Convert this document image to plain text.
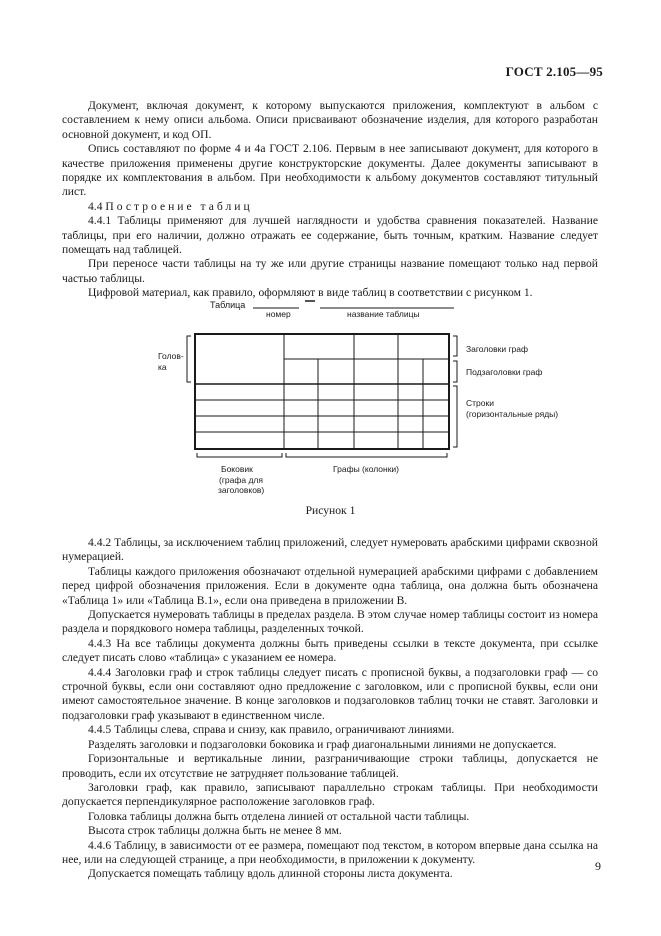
ГОСТ 2.105—95

Документ, включая документ, к которому выпускаются приложения, комплектуют в альбом с составлением к нему описи альбома. Описи присваивают обозначение изделия, для которого разработан основной документ, и код ОП.

Опись составляют по форме 4 и 4а ГОСТ 2.106. Первым в нее записывают документ, для которого в качестве приложения применены другие конструкторские документы. Далее документы записывают в порядке их комплектования в альбом. При необходимости к альбому документов составляют титульный лист.

4.4 Построение таблиц

4.4.1 Таблицы применяют для лучшей наглядности и удобства сравнения показателей. Название таблицы, при его наличии, должно отражать ее содержание, быть точным, кратким. Название следует помещать над таблицей.

При переносе части таблицы на ту же или другие страницы название помещают только над первой частью таблицы.

Цифровой материал, как правило, оформляют в виде таблиц в соответствии с рисунком 1.

Таблица
номер	название таблицы
Голов-
ка
Заголовки граф
Подзаголовки граф
Строки
(горизонтальные ряды)
Боковик
(графа для
заголовков)
Графы (колонки)
Рисунок 1

4.4.2 Таблицы, за исключением таблиц приложений, следует нумеровать арабскими цифрами сквозной нумерацией.

Таблицы каждого приложения обозначают отдельной нумерацией арабскими цифрами с добавлением перед цифрой обозначения приложения. Если в документе одна таблица, она должна быть обозначена «Таблица 1» или «Таблица В.1», если она приведена в приложении В.

Допускается нумеровать таблицы в пределах раздела. В этом случае номер таблицы состоит из номера раздела и порядкового номера таблицы, разделенных точкой.

4.4.3 На все таблицы документа должны быть приведены ссылки в тексте документа, при ссылке следует писать слово «таблица» с указанием ее номера.

4.4.4 Заголовки граф и строк таблицы следует писать с прописной буквы, а подзаголовки граф — со строчной буквы, если они составляют одно предложение с заголовком, или с прописной буквы, если они имеют самостоятельное значение. В конце заголовков и подзаголовков таблиц точки не ставят. Заголовки и подзаголовки граф указывают в единственном числе.

4.4.5 Таблицы слева, справа и снизу, как правило, ограничивают линиями.

Разделять заголовки и подзаголовки боковика и граф диагональными линиями не допускается.

Горизонтальные и вертикальные линии, разграничивающие строки таблицы, допускается не проводить, если их отсутствие не затрудняет пользование таблицей.

Заголовки граф, как правило, записывают параллельно строкам таблицы. При необходимости допускается перпендикулярное расположение заголовков граф.

Головка таблицы должна быть отделена линией от остальной части таблицы.

Высота строк таблицы должна быть не менее 8 мм.

4.4.6 Таблицу, в зависимости от ее размера, помещают под текстом, в котором впервые дана ссылка на нее, или на следующей странице, а при необходимости, в приложении к документу.

Допускается помещать таблицу вдоль длинной стороны листа документа.

9
